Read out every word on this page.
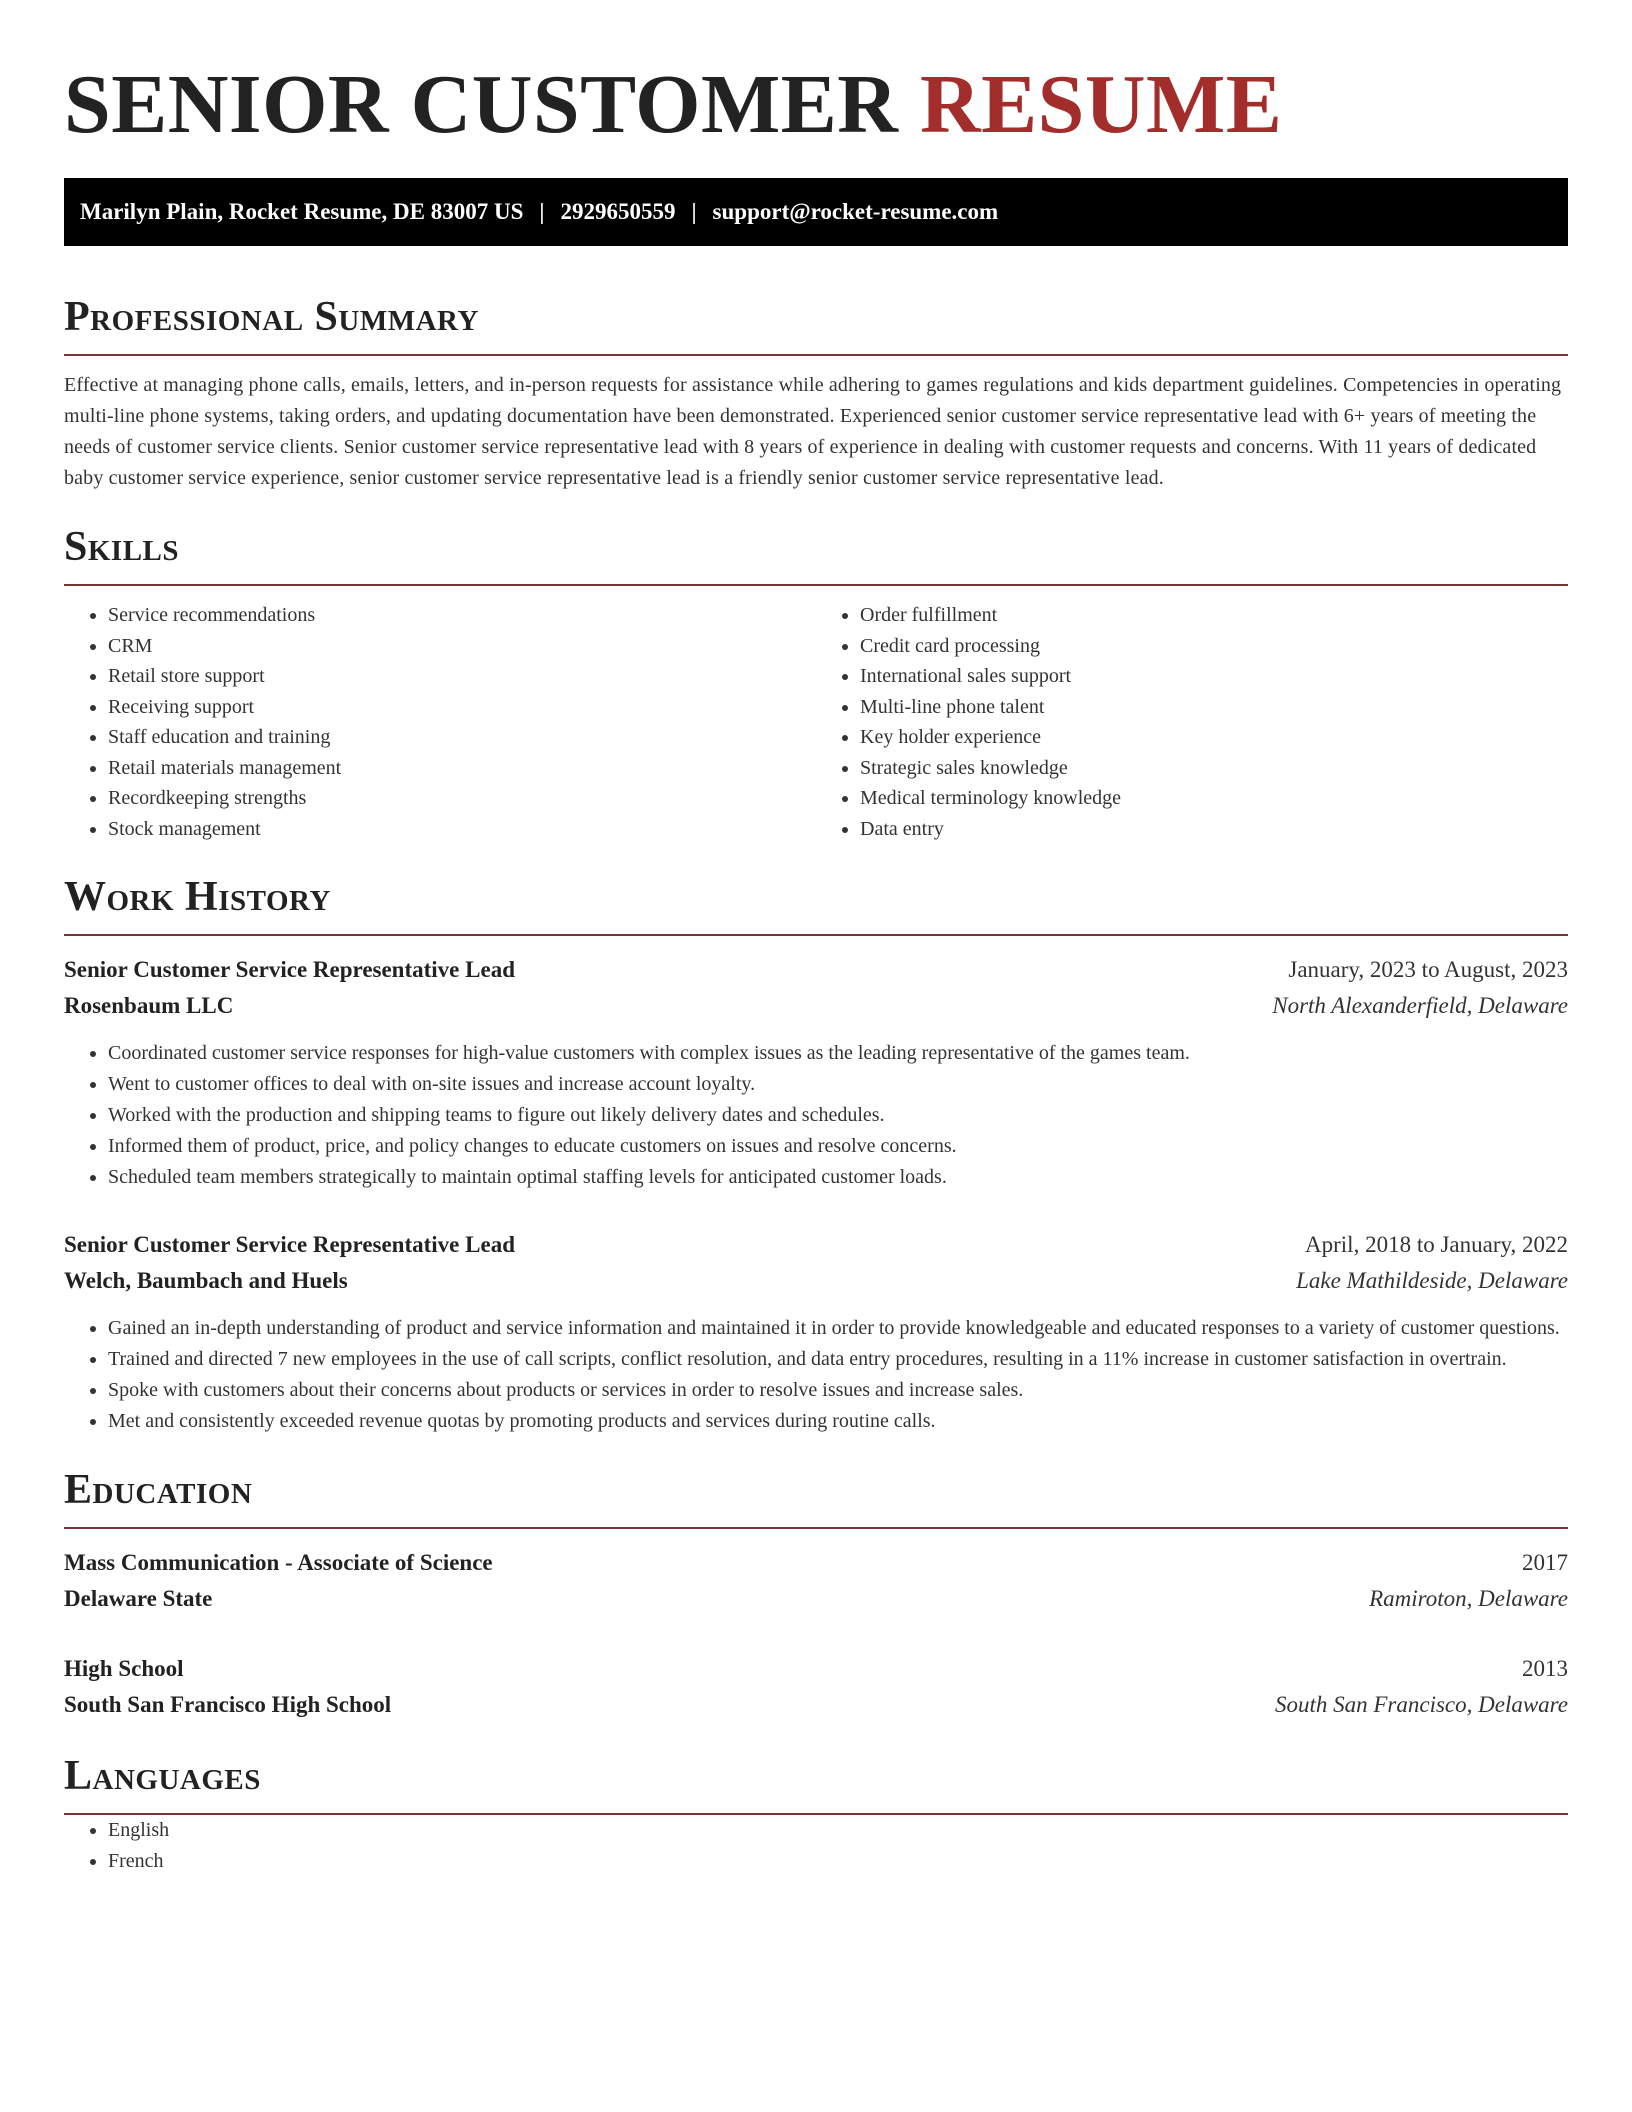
SENIOR CUSTOMER RESUME
Marilyn Plain, Rocket Resume, DE 83007 US | 2929650559 | support@rocket-resume.com
Professional Summary

Effective at managing phone calls, emails, letters, and in-person requests for assistance while adhering to games regulations and kids department guidelines. Competencies in operating multi-line phone systems, taking orders, and updating documentation have been demonstrated. Experienced senior customer service representative lead with 6+ years of meeting the needs of customer service clients. Senior customer service representative lead with 8 years of experience in dealing with customer requests and concerns. With 11 years of dedicated baby customer service experience, senior customer service representative lead is a friendly senior customer service representative lead.

Skills
• Service recommendations
• CRM
• Retail store support
• Receiving support
• Staff education and training
• Retail materials management
• Recordkeeping strengths
• Stock management
• Order fulfillment
• Credit card processing
• International sales support
• Multi-line phone talent
• Key holder experience
• Strategic sales knowledge
• Medical terminology knowledge
• Data entry
Work History
Senior Customer Service Representative Lead	January, 2023 to August, 2023
Rosenbaum LLC	North Alexanderfield, Delaware
• Coordinated customer service responses for high-value customers with complex issues as the leading representative of the games team.
• Went to customer offices to deal with on-site issues and increase account loyalty.
• Worked with the production and shipping teams to figure out likely delivery dates and schedules.
• Informed them of product, price, and policy changes to educate customers on issues and resolve concerns.
• Scheduled team members strategically to maintain optimal staffing levels for anticipated customer loads.
Senior Customer Service Representative Lead	April, 2018 to January, 2022
Welch, Baumbach and Huels	Lake Mathildeside, Delaware
• Gained an in-depth understanding of product and service information and maintained it in order to provide knowledgeable and educated responses to a variety of customer questions.
• Trained and directed 7 new employees in the use of call scripts, conflict resolution, and data entry procedures, resulting in a 11% increase in customer satisfaction in overtrain.
• Spoke with customers about their concerns about products or services in order to resolve issues and increase sales.
• Met and consistently exceeded revenue quotas by promoting products and services during routine calls.
Education
Mass Communication - Associate of Science	2017
Delaware State	Ramiroton, Delaware
High School	2013
South San Francisco High School	South San Francisco, Delaware
Languages
• English
• French
